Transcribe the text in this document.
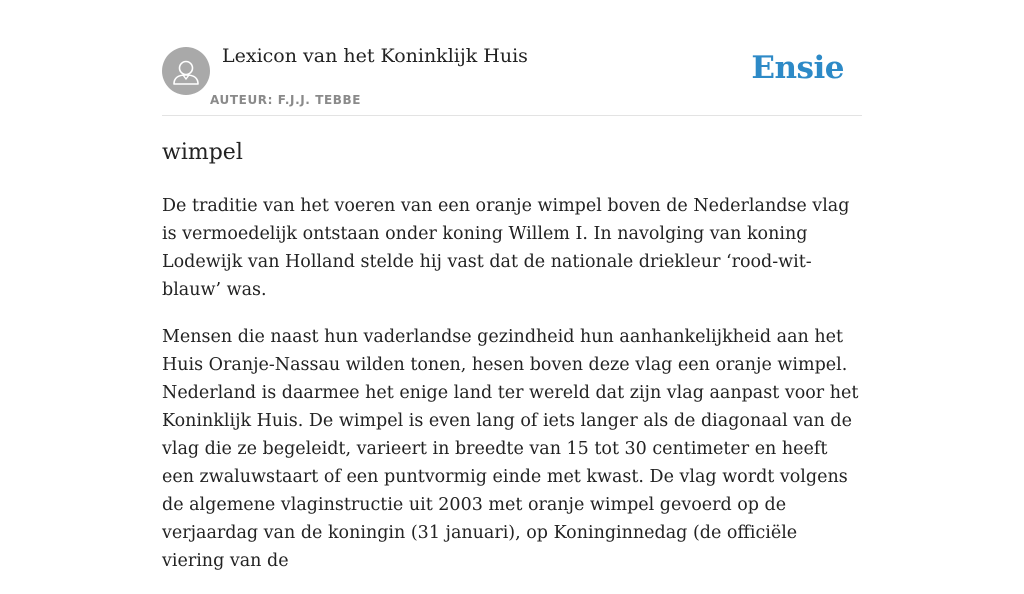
Lexicon van het Koninklijk Huis
AUTEUR: F.J.J. TEBBE
Ensie
wimpel

De traditie van het voeren van een oranje wimpel boven de Nederlandse vlag is vermoedelijk ontstaan onder koning Willem I. In navolging van koning Lodewijk van Holland stelde hij vast dat de nationale driekleur ‘rood-wit-blauw’ was.

Mensen die naast hun vaderlandse gezindheid hun aanhankelijkheid aan het Huis Oranje-Nassau wilden tonen, hesen boven deze vlag een oranje wimpel. Nederland is daarmee het enige land ter wereld dat zijn vlag aanpast voor het Koninklijk Huis. De wimpel is even lang of iets langer als de diagonaal van de vlag die ze begeleidt, varieert in breedte van 15 tot 30 centimeter en heeft een zwaluwstaart of een puntvormig einde met kwast. De vlag wordt volgens de algemene vlaginstructie uit 2003 met oranje wimpel gevoerd op de verjaardag van de koningin (31 januari), op Koninginnedag (de officiële viering van de
